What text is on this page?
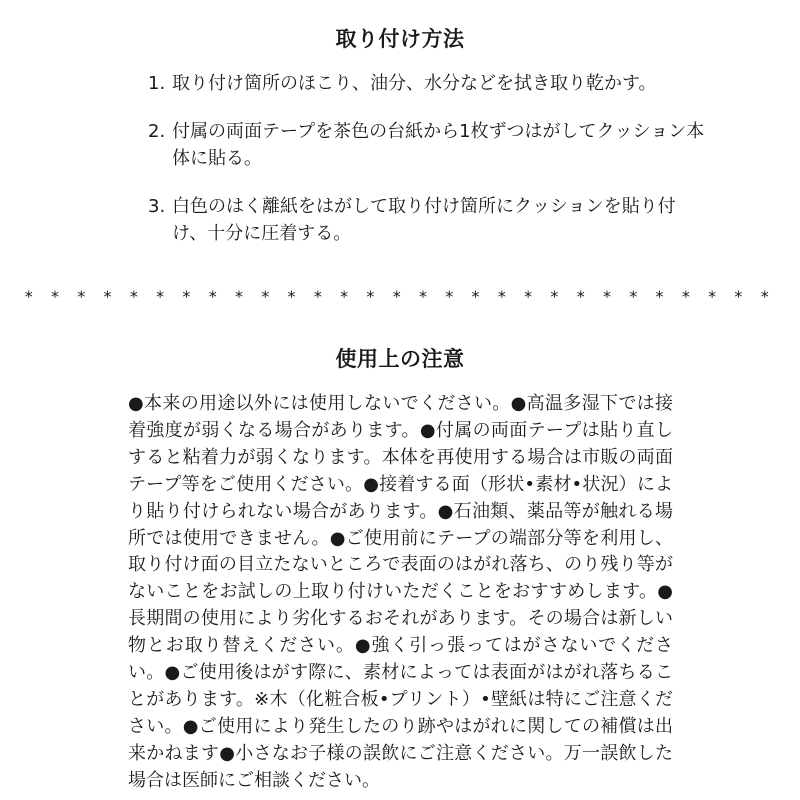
取り付け方法
1. 取り付け箇所のほこり、油分、水分などを拭き取り乾かす。
2. 付属の両面テープを茶色の台紙から1枚ずつはがしてクッション本体に貼る。
3. 白色のはく離紙をはがして取り付け箇所にクッションを貼り付け、十分に圧着する。
* * * * * * * * * * * * * * * * * * * * * * * * * * * * *
使用上の注意

●本来の用途以外には使用しないでください。●高温多湿下では接着強度が弱くなる場合があります。●付属の両面テープは貼り直しすると粘着力が弱くなります。本体を再使用する場合は市販の両面テープ等をご使用ください。●接着する面（形状•素材•状況）により貼り付けられない場合があります。●石油類、薬品等が触れる場所では使用できません。●ご使用前にテープの端部分等を利用し、取り付け面の目立たないところで表面のはがれ落ち、のり残り等がないことをお試しの上取り付けいただくことをおすすめします。●長期間の使用により劣化するおそれがあります。その場合は新しい物とお取り替えください。●強く引っ張ってはがさないでください。●ご使用後はがす際に、素材によっては表面がはがれ落ちることがあります。※木（化粧合板•プリント）•壁紙は特にご注意ください。●ご使用により発生したのり跡やはがれに関しての補償は出来かねます●小さなお子様の誤飲にご注意ください。万一誤飲した場合は医師にご相談ください。
